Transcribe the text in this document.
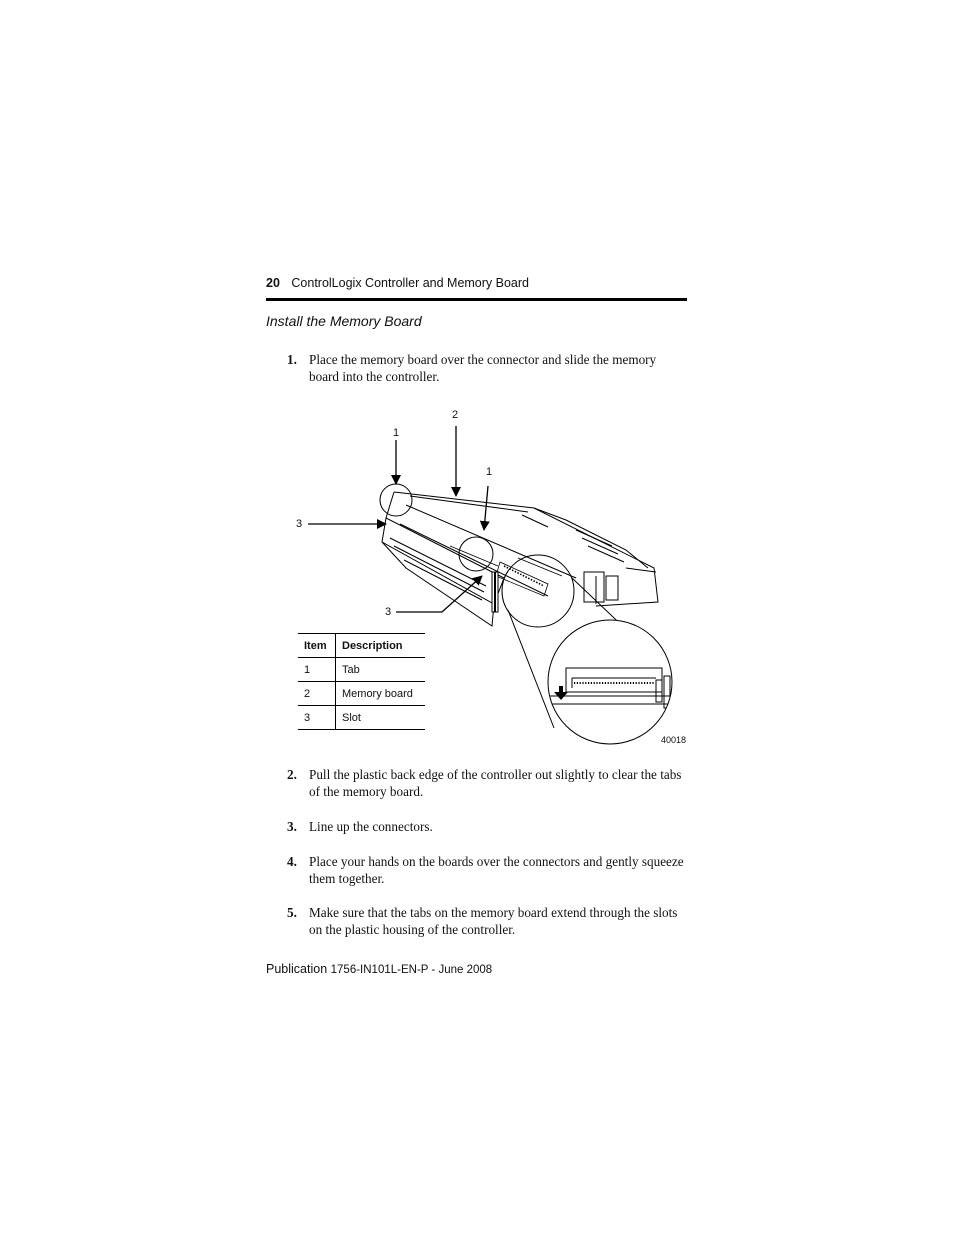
20 ControlLogix Controller and Memory Board
Install the Memory Board
1. Place the memory board over the connector and slide the memory board into the controller.
1
2
1
3
3
40018
Item	Description
1	Tab
2	Memory board
3	Slot
2. Pull the plastic back edge of the controller out slightly to clear the tabs of the memory board.
3. Line up the connectors.
4. Place your hands on the boards over the connectors and gently squeeze them together.
5. Make sure that the tabs on the memory board extend through the slots on the plastic housing of the controller.
Publication 1756-IN101L-EN-P - June 2008
